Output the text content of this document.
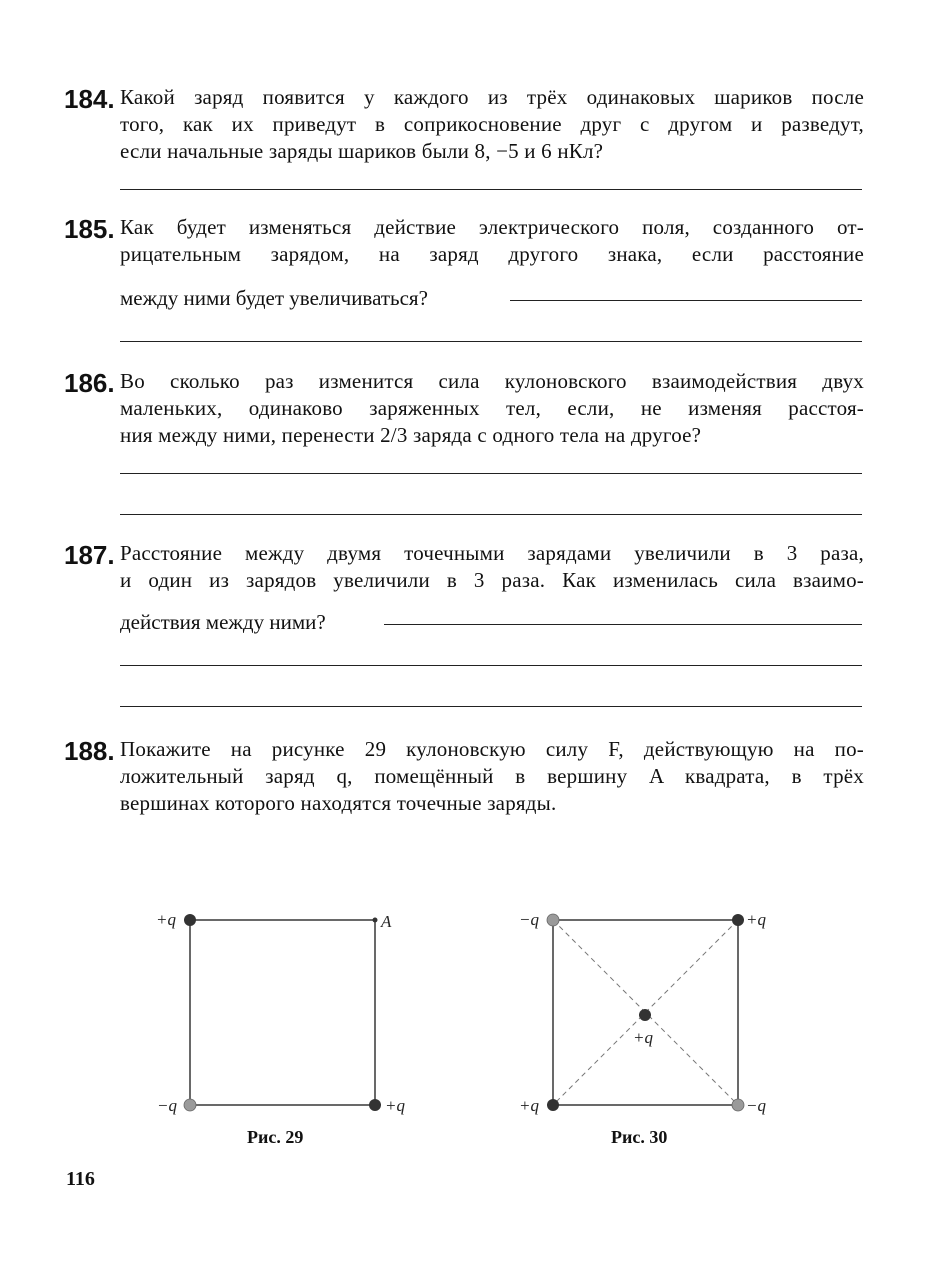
184. Какой заряд появится у каждого из трёх одинаковых шариков после
того, как их приведут в соприкосновение друг с другом и разведут,
если начальные заряды шариков были 8, −5 и 6 нКл?
185. Как будет изменяться действие электрического поля, созданного от-
рицательным зарядом, на заряд другого знака, если расстояние
между ними будет увеличиваться?
186. Во сколько раз изменится сила кулоновского взаимодействия двух
маленьких, одинаково заряженных тел, если, не изменяя расстоя-
ния между ними, перенести 2/3 заряда с одного тела на другое?
187. Расстояние между двумя точечными зарядами увеличили в 3 раза,
и один из зарядов увеличили в 3 раза. Как изменилась сила взаимо-
действия между ними?
188. Покажите на рисунке 29 кулоновскую силу F, действующую на по-
ложительный заряд q, помещённый в вершину A квадрата, в трёх
вершинах которого находятся точечные заряды.
+q	A
−q	+q
Рис. 29
−q	+q
+q
+q	−q
Рис. 30
116
